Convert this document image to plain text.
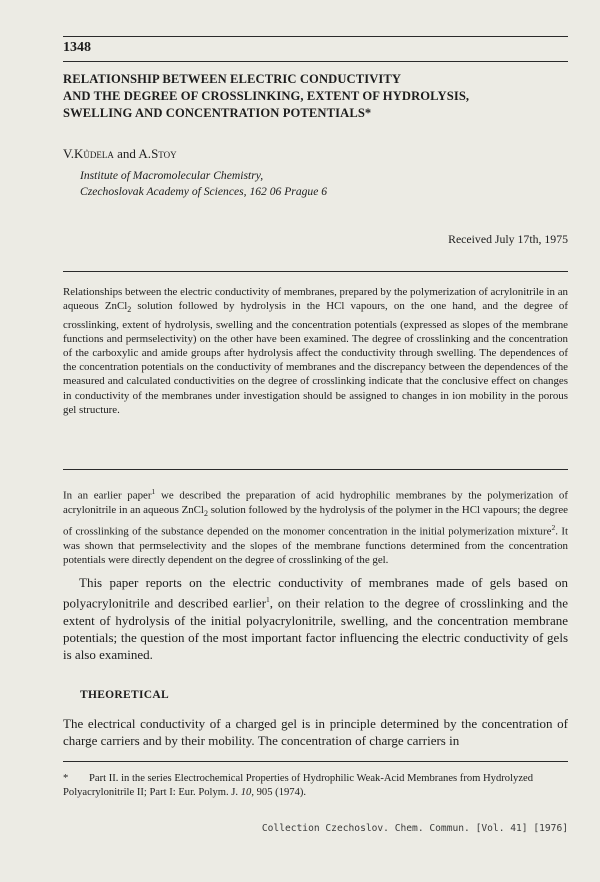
1348
RELATIONSHIP BETWEEN ELECTRIC CONDUCTIVITY
AND THE DEGREE OF CROSSLINKING, EXTENT OF HYDROLYSIS,
SWELLING AND CONCENTRATION POTENTIALS*
V.Kůdela and A.Stoy
Institute of Macromolecular Chemistry,
Czechoslovak Academy of Sciences, 162 06 Prague 6
Received July 17th, 1975
Relationships between the electric conductivity of membranes, prepared by the polymerization of acrylonitrile in an aqueous ZnCl$_2$ solution followed by hydrolysis in the HCl vapours, on the one hand, and the degree of crosslinking, extent of hydrolysis, swelling and the concentration potentials (expressed as slopes of the membrane functions and permselectivity) on the other have been examined. The degree of crosslinking and the concentration of the carboxylic and amide groups after hydrolysis affect the conductivity through swelling. The dependences of the concentration potentials on the conductivity of membranes and the discrepancy between the dependences of the measured and calculated conductivities on the degree of crosslinking indicate that the conclusive effect on changes in conductivity of the membranes under investigation should be assigned to changes in ion mobility in the porous gel structure.
In an earlier paper$^1$ we described the preparation of acid hydrophilic membranes by the polymerization of acrylonitrile in an aqueous ZnCl$_2$ solution followed by the hydrolysis of the polymer in the HCl vapours; the degree of crosslinking of the substance depended on the monomer concentration in the initial polymerization mixture$^2$. It was shown that permselectivity and the slopes of the membrane functions determined from the concentration potentials were directly dependent on the degree of crosslinking of the gel.
This paper reports on the electric conductivity of membranes made of gels based on polyacrylonitrile and described earlier$^1$, on their relation to the degree of crosslinking and the extent of hydrolysis of the initial polyacrylonitrile, swelling, and the concentration membrane potentials; the question of the most important factor influencing the electric conductivity of gels is also examined.
THEORETICAL
The electrical conductivity of a charged gel is in principle determined by the concentration of charge carriers and by their mobility. The concentration of charge carriers in
* Part II. in the series Electrochemical Properties of Hydrophilic Weak-Acid Membranes from Hydrolyzed Polyacrylonitrile II; Part I: Eur. Polym. J. 10, 905 (1974).
Collection Czechoslov. Chem. Commun. [Vol. 41] [1976]
